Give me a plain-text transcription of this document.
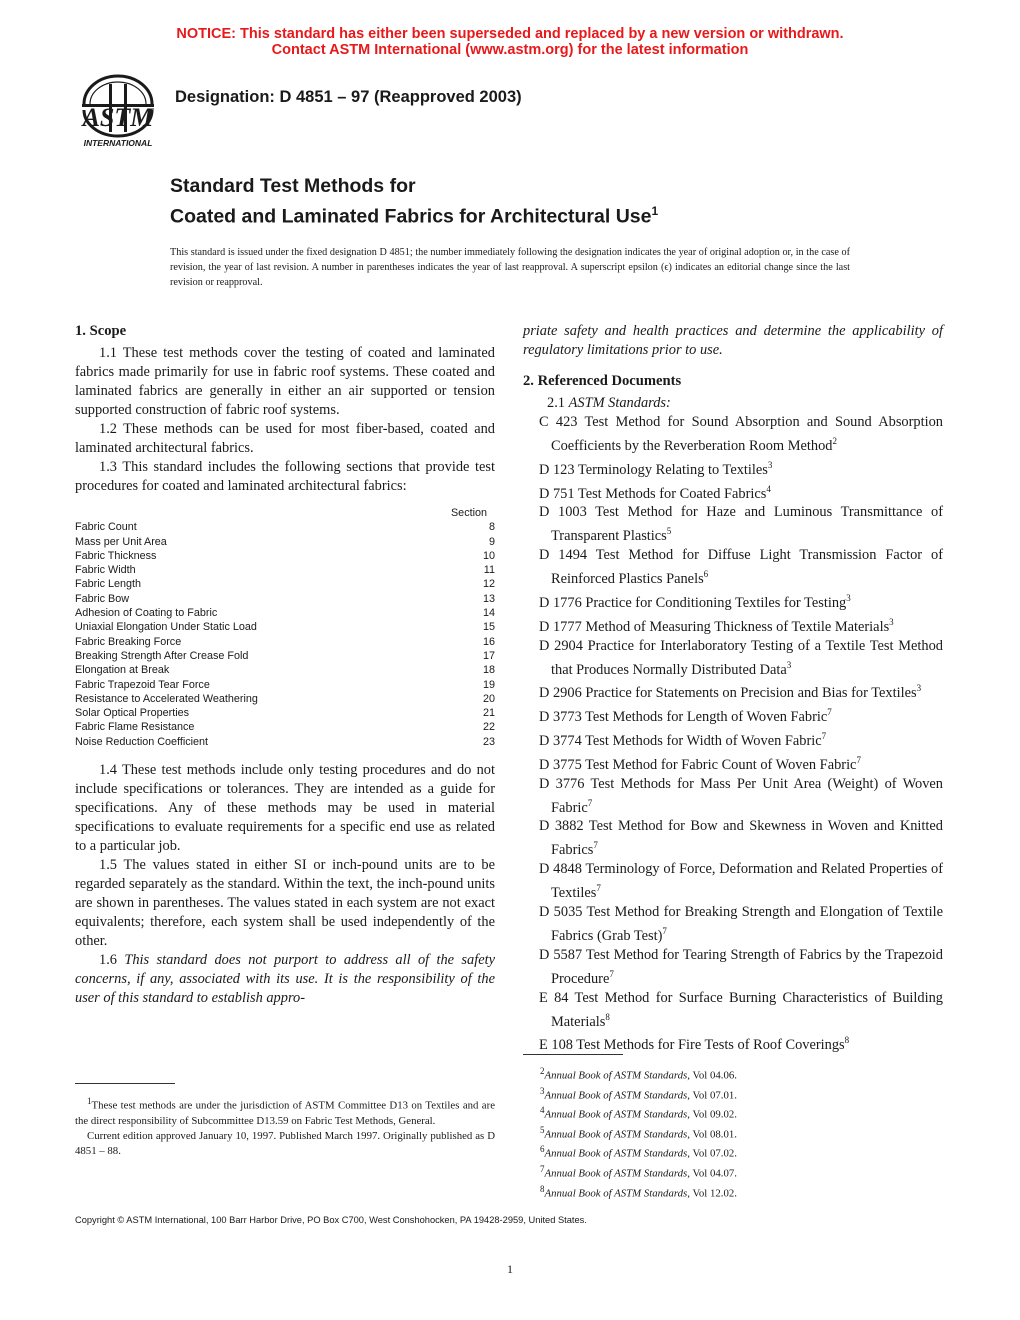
NOTICE: This standard has either been superseded and replaced by a new version or withdrawn.
Contact ASTM International (www.astm.org) for the latest information
ASTM
INTERNATIONAL
Designation: D 4851 – 97 (Reapproved 2003)
Standard Test Methods for
Coated and Laminated Fabrics for Architectural Use$^1$
This standard is issued under the fixed designation D 4851; the number immediately following the designation indicates the year of original adoption or, in the case of revision, the year of last revision. A number in parentheses indicates the year of last reapproval. A superscript epsilon (ϵ) indicates an editorial change since the last revision or reapproval.

1. Scope

1.1 These test methods cover the testing of coated and laminated fabrics made primarily for use in fabric roof systems. These coated and laminated fabrics are generally in either an air supported or tension supported construction of fabric roof systems.

1.2 These methods can be used for most fiber-based, coated and laminated architectural fabrics.

1.3 This standard includes the following sections that provide test procedures for coated and laminated architectural fabrics:

Section
Fabric Count	8
Mass per Unit Area	9
Fabric Thickness	10
Fabric Width	11
Fabric Length	12
Fabric Bow	13
Adhesion of Coating to Fabric	14
Uniaxial Elongation Under Static Load	15
Fabric Breaking Force	16
Breaking Strength After Crease Fold	17
Elongation at Break	18
Fabric Trapezoid Tear Force	19
Resistance to Accelerated Weathering	20
Solar Optical Properties	21
Fabric Flame Resistance	22
Noise Reduction Coefficient	23

1.4 These test methods include only testing procedures and do not include specifications or tolerances. They are intended as a guide for specifications. Any of these methods may be used in material specifications to evaluate requirements for a specific end use as related to a particular job.

1.5 The values stated in either SI or inch-pound units are to be regarded separately as the standard. Within the text, the inch-pound units are shown in parentheses. The values stated in each system are not exact equivalents; therefore, each system shall be used independently of the other.

1.6 This standard does not purport to address all of the safety concerns, if any, associated with its use. It is the responsibility of the user of this standard to establish appro-

priate safety and health practices and determine the applicability of regulatory limitations prior to use.

2. Referenced Documents

2.1 ASTM Standards:

C 423 Test Method for Sound Absorption and Sound Absorption Coefficients by the Reverberation Room Method$^2$

D 123 Terminology Relating to Textiles$^3$

D 751 Test Methods for Coated Fabrics$^4$

D 1003 Test Method for Haze and Luminous Transmittance of Transparent Plastics$^5$

D 1494 Test Method for Diffuse Light Transmission Factor of Reinforced Plastics Panels$^6$

D 1776 Practice for Conditioning Textiles for Testing$^3$

D 1777 Method of Measuring Thickness of Textile Materials$^3$

D 2904 Practice for Interlaboratory Testing of a Textile Test Method that Produces Normally Distributed Data$^3$

D 2906 Practice for Statements on Precision and Bias for Textiles$^3$

D 3773 Test Methods for Length of Woven Fabric$^7$

D 3774 Test Methods for Width of Woven Fabric$^7$

D 3775 Test Method for Fabric Count of Woven Fabric$^7$

D 3776 Test Methods for Mass Per Unit Area (Weight) of Woven Fabric$^7$

D 3882 Test Method for Bow and Skewness in Woven and Knitted Fabrics$^7$

D 4848 Terminology of Force, Deformation and Related Properties of Textiles$^7$

D 5035 Test Method for Breaking Strength and Elongation of Textile Fabrics (Grab Test)$^7$

D 5587 Test Method for Tearing Strength of Fabrics by the Trapezoid Procedure$^7$

E 84 Test Method for Surface Burning Characteristics of Building Materials$^8$

E 108 Test Methods for Fire Tests of Roof Coverings$^8$

$^1$These test methods are under the jurisdiction of ASTM Committee D13 on Textiles and are the direct responsibility of Subcommittee D13.59 on Fabric Test Methods, General.

Current edition approved January 10, 1997. Published March 1997. Originally published as D 4851 – 88.

$^2$Annual Book of ASTM Standards, Vol 04.06.

$^3$Annual Book of ASTM Standards, Vol 07.01.

$^4$Annual Book of ASTM Standards, Vol 09.02.

$^5$Annual Book of ASTM Standards, Vol 08.01.

$^6$Annual Book of ASTM Standards, Vol 07.02.

$^7$Annual Book of ASTM Standards, Vol 04.07.

$^8$Annual Book of ASTM Standards, Vol 12.02.

Copyright © ASTM International, 100 Barr Harbor Drive, PO Box C700, West Conshohocken, PA 19428-2959, United States.
1
